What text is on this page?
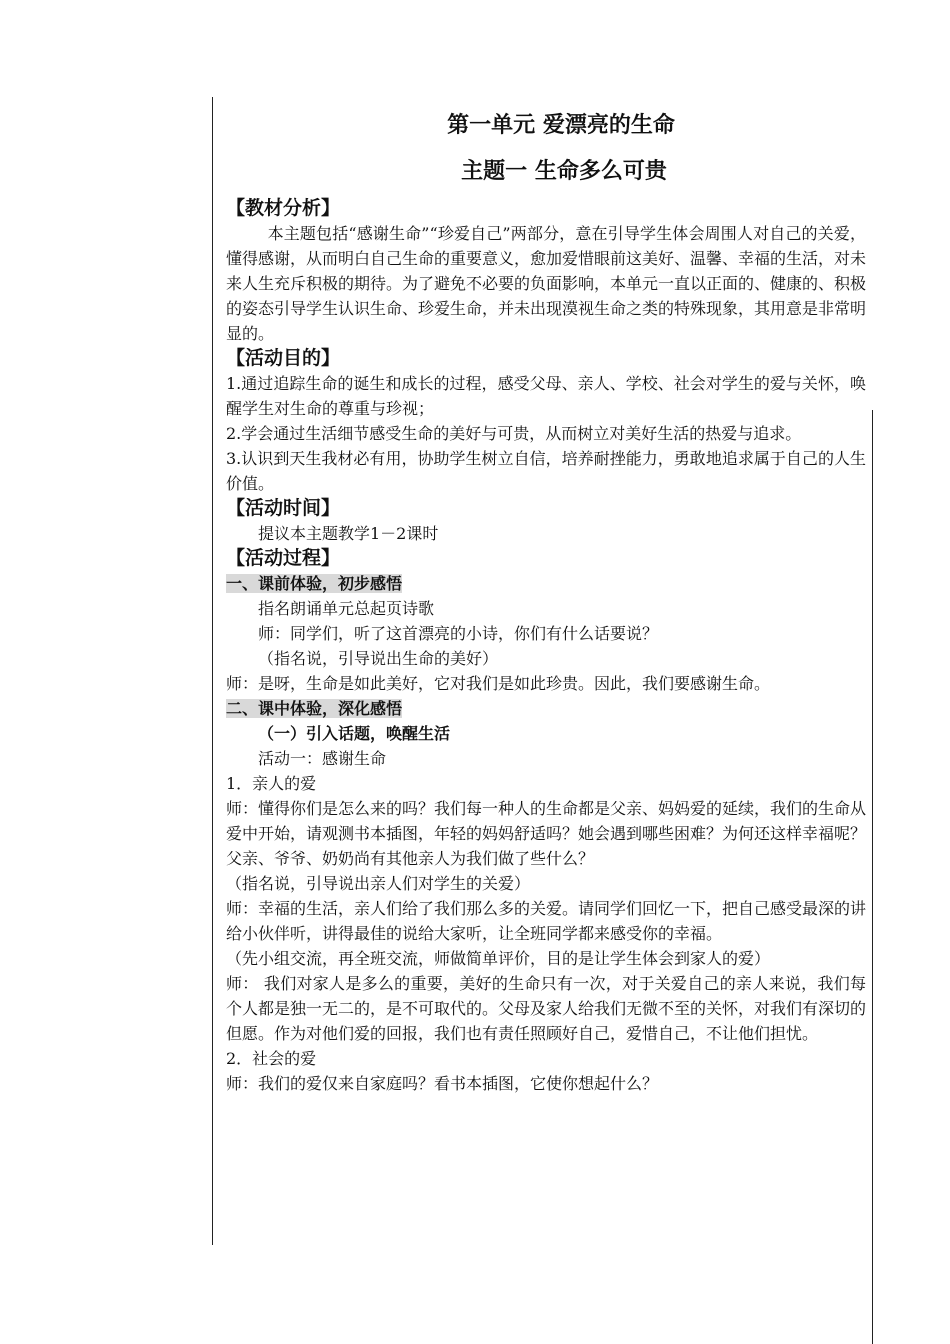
第一单元 爱漂亮的生命
主题一 生命多么可贵
【教材分析】

本主题包括“感谢生命”“珍爱自己”两部分，意在引导学生体会周围人对自己的关爱，懂得感谢，从而明白自己生命的重要意义，愈加爱惜眼前这美好、温馨、幸福的生活，对未来人生充斥积极的期待。为了避免不必要的负面影响，本单元一直以正面的、健康的、积极的姿态引导学生认识生命、珍爱生命，并未出现漠视生命之类的特殊现象，其用意是非常明显的。

【活动目的】

1.通过追踪生命的诞生和成长的过程，感受父母、亲人、学校、社会对学生的爱与关怀，唤醒学生对生命的尊重与珍视；

2.学会通过生活细节感受生命的美好与可贵，从而树立对美好生活的热爱与追求。

3.认识到天生我材必有用，协助学生树立自信，培养耐挫能力，勇敢地追求属于自己的人生价值。

【活动时间】

提议本主题教学1－2课时

【活动过程】
一、课前体验，初步感悟

指名朗诵单元总起页诗歌

师：同学们，听了这首漂亮的小诗，你们有什么话要说？

（指名说，引导说出生命的美好）

师：是呀，生命是如此美好，它对我们是如此珍贵。因此，我们要感谢生命。

二、课中体验，深化感悟

（一）引入话题，唤醒生活

活动一：感谢生命

1．亲人的爱

师：懂得你们是怎么来的吗？我们每一种人的生命都是父亲、妈妈爱的延续，我们的生命从爱中开始，请观测书本插图，年轻的妈妈舒适吗？她会遇到哪些困难？为何还这样幸福呢？父亲、爷爷、奶奶尚有其他亲人为我们做了些什么？

（指名说，引导说出亲人们对学生的关爱）

师：幸福的生活，亲人们给了我们那么多的关爱。请同学们回忆一下，把自己感受最深的讲给小伙伴听，讲得最佳的说给大家听，让全班同学都来感受你的幸福。

（先小组交流，再全班交流，师做简单评价，目的是让学生体会到家人的爱）

师： 我们对家人是多么的重要，美好的生命只有一次，对于关爱自己的亲人来说，我们每个人都是独一无二的，是不可取代的。父母及家人给我们无微不至的关怀，对我们有深切的但愿。作为对他们爱的回报，我们也有责任照顾好自己，爱惜自己，不让他们担忧。

2．社会的爱

师：我们的爱仅来自家庭吗？看书本插图，它使你想起什么？
